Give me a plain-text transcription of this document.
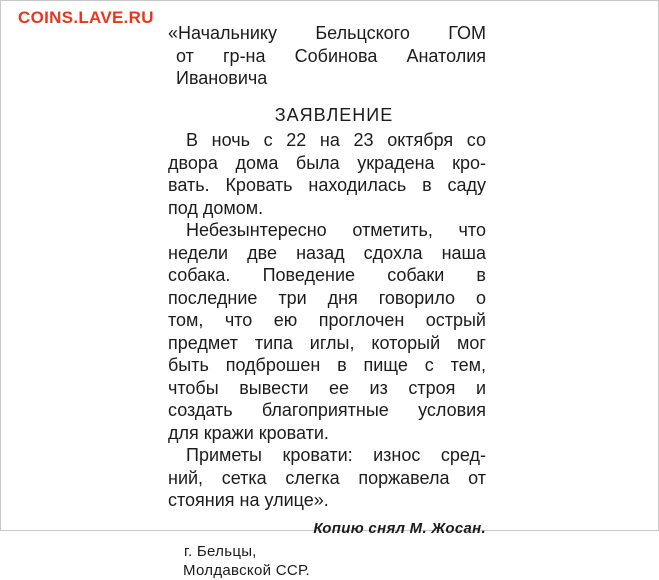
COINS.LAVE.RU
«Начальнику Бельцского ГОМ
от гр-на Собинова Анатолия
Ивановича
ЗАЯВЛЕНИЕ
В ночь с 22 на 23 октября со
двора дома была украдена кро-
вать. Кровать находилась в саду
под домом.
Небезынтересно отметить, что
недели две назад сдохла наша
собака. Поведение собаки в
последние три дня говорило о
том, что ею проглочен острый
предмет типа иглы, который мог
быть подброшен в пище с тем,
чтобы вывести ее из строя и
создать благоприятные условия
для кражи кровати.
Приметы кровати: износ сред-
ний, сетка слегка поржавела от
стояния на улице».
Копию снял М. Жосан.
г. Бельцы,
Молдавской ССР.
